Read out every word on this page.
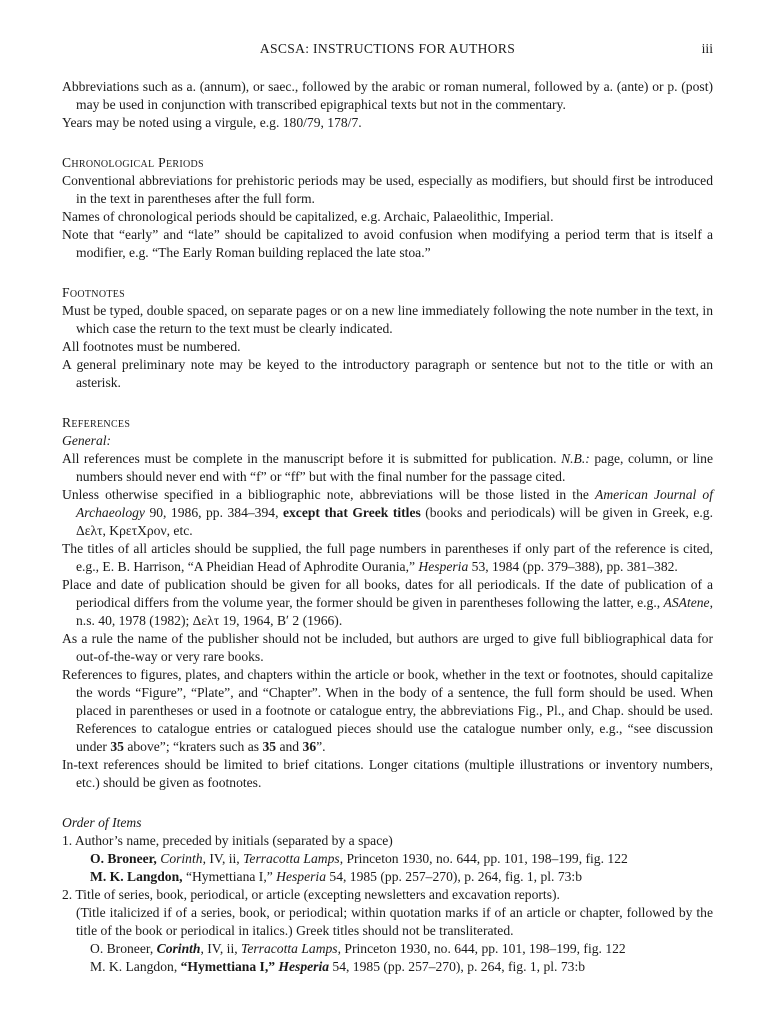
ASCSA: INSTRUCTIONS FOR AUTHORS	iii

Abbreviations such as a. (annum), or saec., followed by the arabic or roman numeral, followed by a. (ante) or p. (post) may be used in conjunction with transcribed epigraphical texts but not in the commentary.

Years may be noted using a virgule, e.g. 180/79, 178/7.

Chronological Periods

Conventional abbreviations for prehistoric periods may be used, especially as modifiers, but should first be introduced in the text in parentheses after the full form.

Names of chronological periods should be capitalized, e.g. Archaic, Palaeolithic, Imperial.

Note that “early” and “late” should be capitalized to avoid confusion when modifying a period term that is itself a modifier, e.g. “The Early Roman building replaced the late stoa.”

Footnotes

Must be typed, double spaced, on separate pages or on a new line immediately following the note number in the text, in which case the return to the text must be clearly indicated.

All footnotes must be numbered.

A general preliminary note may be keyed to the introductory paragraph or sentence but not to the title or with an asterisk.

References

General:

All references must be complete in the manuscript before it is submitted for publication. N.B.: page, column, or line numbers should never end with “f” or “ff” but with the final number for the passage cited.

Unless otherwise specified in a bibliographic note, abbreviations will be those listed in the American Journal of Archaeology 90, 1986, pp. 384–394, except that Greek titles (books and periodicals) will be given in Greek, e.g. Δελτ, ΚρετΧρον, etc.

The titles of all articles should be supplied, the full page numbers in parentheses if only part of the reference is cited, e.g., E. B. Harrison, “A Pheidian Head of Aphrodite Ourania,” Hesperia 53, 1984 (pp. 379–388), pp. 381–382.

Place and date of publication should be given for all books, dates for all periodicals. If the date of publication of a periodical differs from the volume year, the former should be given in parentheses following the latter, e.g., ASAtene, n.s. 40, 1978 (1982); Δελτ 19, 1964, Bʹ 2 (1966).

As a rule the name of the publisher should not be included, but authors are urged to give full bibliographical data for out-of-the-way or very rare books.

References to figures, plates, and chapters within the article or book, whether in the text or footnotes, should capitalize the words “Figure”, “Plate”, and “Chapter”. When in the body of a sentence, the full form should be used. When placed in parentheses or used in a footnote or catalogue entry, the abbreviations Fig., Pl., and Chap. should be used. References to catalogue entries or catalogued pieces should use the catalogue number only, e.g., “see discussion under 35 above”; “kraters such as 35 and 36”.

In-text references should be limited to brief citations. Longer citations (multiple illustrations or inventory numbers, etc.) should be given as footnotes.

Order of Items

1. Author’s name, preceded by initials (separated by a space)

O. Broneer, Corinth, IV, ii, Terracotta Lamps, Princeton 1930, no. 644, pp. 101, 198–199, fig. 122

M. K. Langdon, “Hymettiana I,” Hesperia 54, 1985 (pp. 257–270), p. 264, fig. 1, pl. 73:b

2. Title of series, book, periodical, or article (excepting newsletters and excavation reports).

(Title italicized if of a series, book, or periodical; within quotation marks if of an article or chapter, followed by the title of the book or periodical in italics.) Greek titles should not be transliterated.

O. Broneer, Corinth, IV, ii, Terracotta Lamps, Princeton 1930, no. 644, pp. 101, 198–199, fig. 122

M. K. Langdon, “Hymettiana I,” Hesperia 54, 1985 (pp. 257–270), p. 264, fig. 1, pl. 73:b
